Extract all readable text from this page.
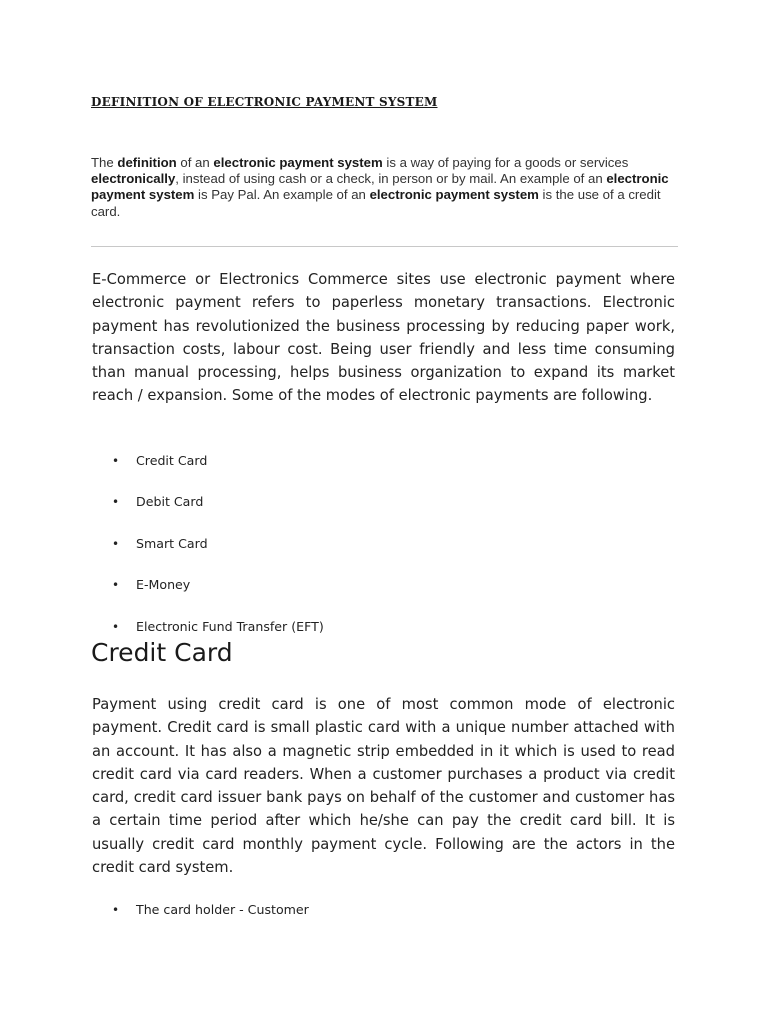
DEFINITION OF ELECTRONIC PAYMENT SYSTEM
The definition of an electronic payment system is a way of paying for a goods or services electronically, instead of using cash or a check, in person or by mail. An example of an electronic payment system is Pay Pal. An example of an electronic payment system is the use of a credit card.

E-Commerce or Electronics Commerce sites use electronic payment where electronic payment refers to paperless monetary transactions. Electronic payment has revolutionized the business processing by reducing paper work, transaction costs, labour cost. Being user friendly and less time consuming than manual processing, helps business organization to expand its market reach / expansion. Some of the modes of electronic payments are following.

• Credit Card
• Debit Card
• Smart Card
• E-Money
• Electronic Fund Transfer (EFT)
Credit Card

Payment using credit card is one of most common mode of electronic payment. Credit card is small plastic card with a unique number attached with an account. It has also a magnetic strip embedded in it which is used to read credit card via card readers. When a customer purchases a product via credit card, credit card issuer bank pays on behalf of the customer and customer has a certain time period after which he/she can pay the credit card bill. It is usually credit card monthly payment cycle. Following are the actors in the credit card system.

• The card holder - Customer
